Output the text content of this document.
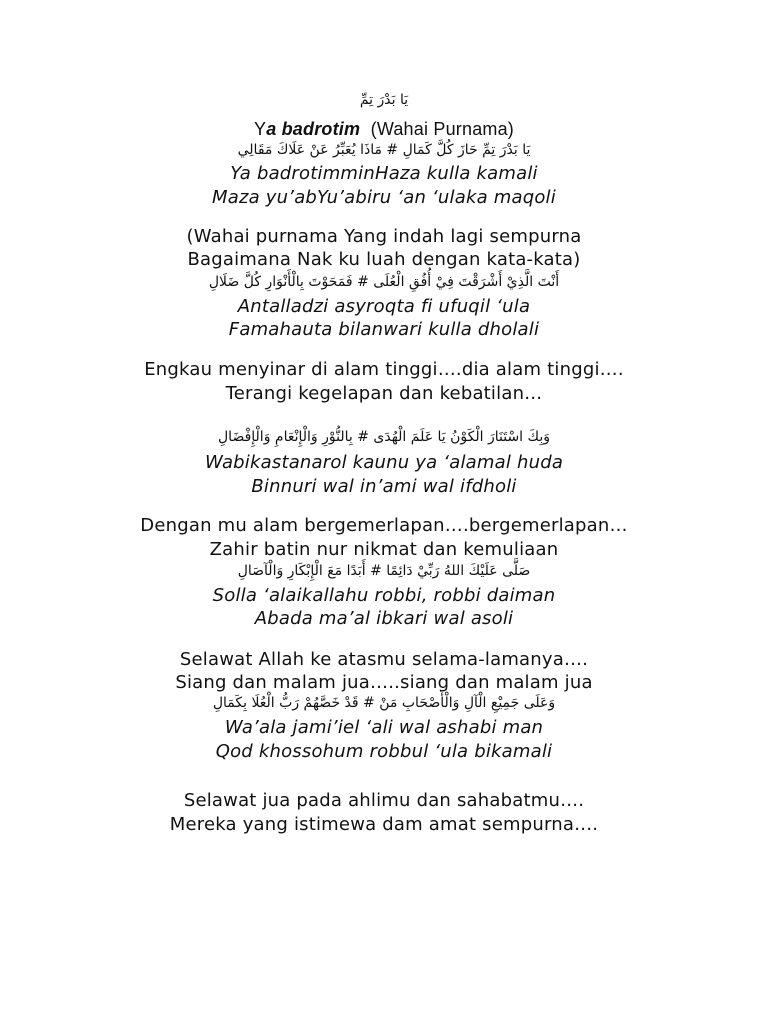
يَا بَدْرَ تِمِّ
Ya badrotim (Wahai Purnama)
يَا بَدْرَ تِمِّ حَازَ كُلَّ كَمَالِ # مَاذَا يُعَبِّرُ عَنْ عَلَاكَ مَقَالِي
Ya badrotimminHaza kulla kamali
Maza yu’abYu’abiru ‘an ‘ulaka maqoli
(Wahai purnama Yang indah lagi sempurna
Bagaimana Nak ku luah dengan kata-kata)
أَنْتَ الَّذِيْ أَشْرَقْتَ فِيْ أُفُقِ الْعُلَى # فَمَحَوْتَ بِالْأَنْوَارِ كُلَّ ضَلَالِ
Antalladzi asyroqta fi ufuqil ‘ula
Famahauta bilanwari kulla dholali
Engkau menyinar di alam tinggi….dia alam tinggi….
Terangi kegelapan dan kebatilan…
وَبِكَ اسْتَنَارَ الْكَوْنُ يَا عَلَمَ الْهُدَى # بِالنُّوْرِ وَالْإِنْعَامِ وَالْإِفْضَالِ
Wabikastanarol kaunu ya ‘alamal huda
Binnuri wal in’ami wal ifdholi
Dengan mu alam bergemerlapan….bergemerlapan…
Zahir batin nur nikmat dan kemuliaan
صَلَّى عَلَيْكَ اللهُ رَبِّيْ دَائِمًا # أَبَدًا مَعَ الْإِبْكَارِ وَالْآصَالِ
Solla ‘alaikallahu robbi, robbi daiman
Abada ma’al ibkari wal asoli
Selawat Allah ke atasmu selama-lamanya….
Siang dan malam jua…..siang dan malam jua
وَعَلَى جَمِيْعِ الْآلِ وَالْأَصْحَابِ مَنْ # قَدْ خَصَّهُمْ رَبُّ الْعُلَا بِكَمَالِ
Wa’ala jami’iel ‘ali wal ashabi man
Qod khossohum robbul ‘ula bikamali
Selawat jua pada ahlimu dan sahabatmu….
Mereka yang istimewa dam amat sempurna….
